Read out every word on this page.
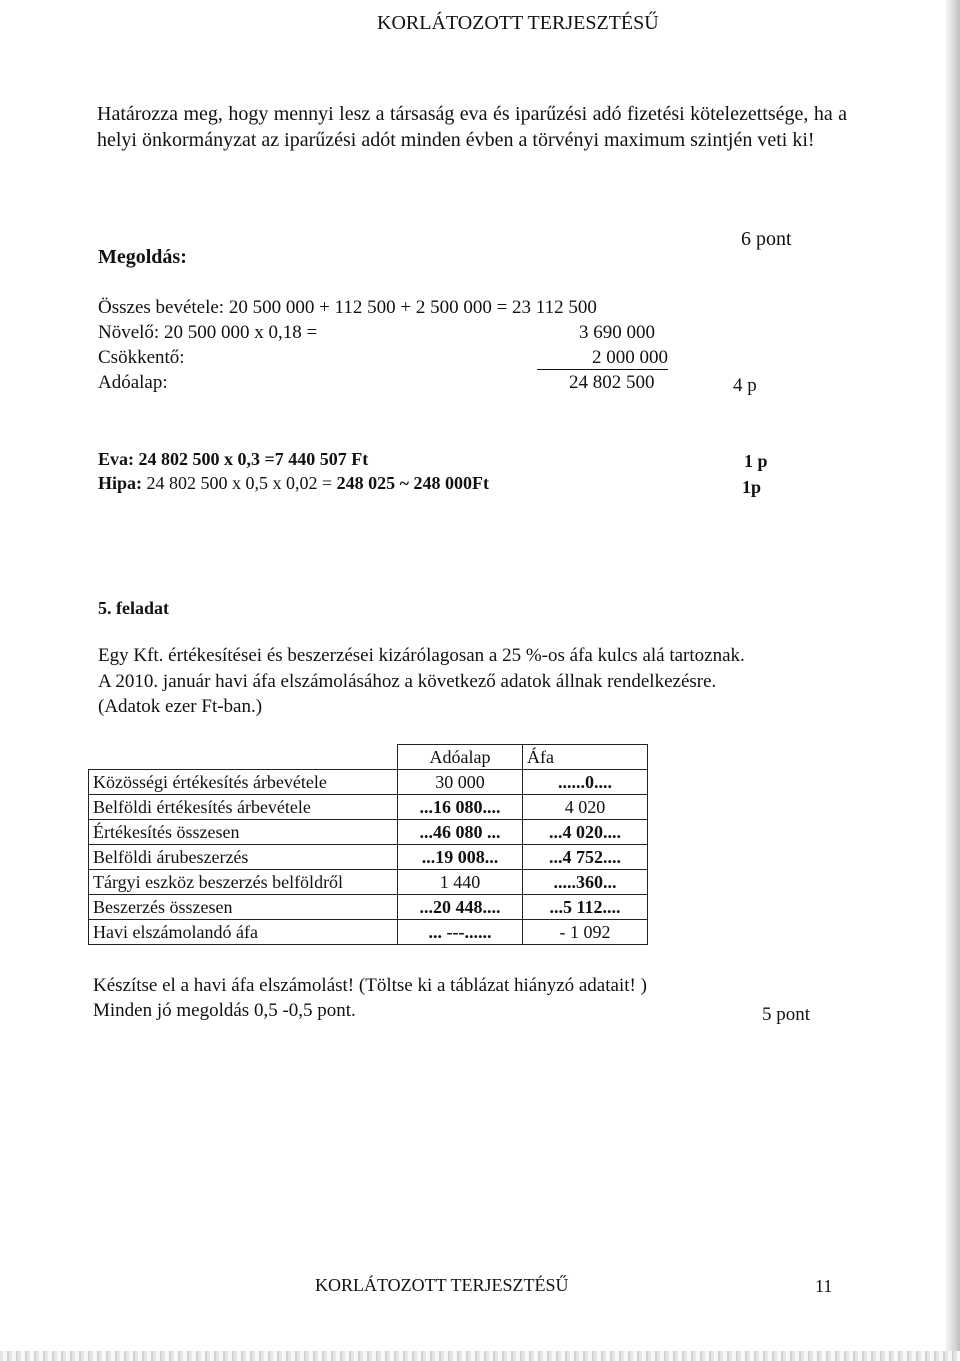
KORLÁTOZOTT TERJESZTÉSŰ
Határozza meg, hogy mennyi lesz a társaság eva és iparűzési adó fizetési kötelezettsége, ha a helyi önkormányzat az iparűzési adót minden évben a törvényi maximum szintjén veti ki!
Megoldás:
6 pont
Összes bevétele: 20 500 000 + 112 500 + 2 500 000 = 23 112 500
Növelő: 20 500 000 x 0,18 =	3 690 000
Csökkentő:	2 000 000
Adóalap:	24 802 500	4 p
Eva: 24 802 500 x 0,3 =7 440 507 Ft	1 p
Hipa: 24 802 500 x 0,5 x 0,02 = 248 025 ~ 248 000Ft	1p
5. feladat
Egy Kft. értékesítései és beszerzései kizárólagosan a 25 %-os áfa kulcs alá tartoznak.
A 2010. január havi áfa elszámolásához a következő adatok állnak rendelkezésre.
(Adatok ezer Ft-ban.)
	Adóalap	Áfa
Közösségi értékesítés árbevétele	30 000	......0....
Belföldi értékesítés árbevétele	...16 080....	4 020
Értékesítés összesen	...46 080 ...	...4 020....
Belföldi árubeszerzés	...19 008...	...4 752....
Tárgyi eszköz beszerzés belföldről	1 440	.....360...
Beszerzés összesen	...20 448....	...5 112....
Havi elszámolandó áfa	... ---......	- 1 092
Készítse el a havi áfa elszámolást! (Töltse ki a táblázat hiányzó adatait! )
Minden jó megoldás 0,5 -0,5 pont.	5 pont
KORLÁTOZOTT TERJESZTÉSŰ	11
